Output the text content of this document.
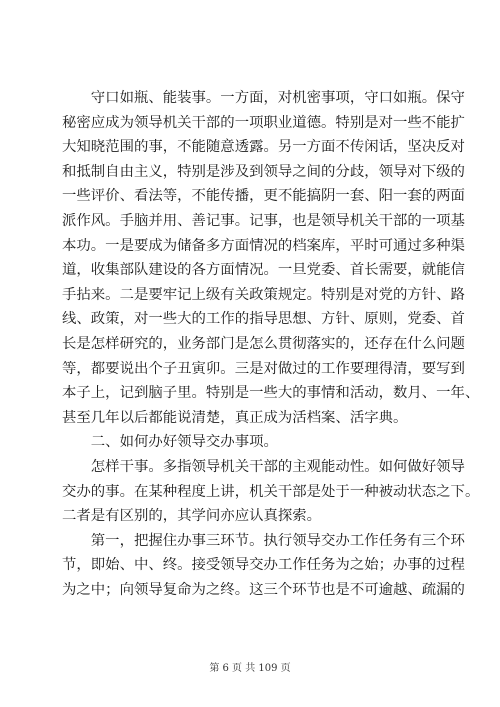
　　守口如瓶、能装事。一方面，对机密事项，守口如瓶。保守
秘密应成为领导机关干部的一项职业道德。特别是对一些不能扩
大知晓范围的事，不能随意透露。另一方面不传闲话，坚决反对
和抵制自由主义，特别是涉及到领导之间的分歧，领导对下级的
一些评价、看法等，不能传播，更不能搞阴一套、阳一套的两面
派作风。手脑并用、善记事。记事，也是领导机关干部的一项基
本功。一是要成为储备多方面情况的档案库，平时可通过多种渠
道，收集部队建设的各方面情况。一旦党委、首长需要，就能信
手拈来。二是要牢记上级有关政策规定。特别是对党的方针、路
线、政策，对一些大的工作的指导思想、方针、原则，党委、首
长是怎样研究的，业务部门是怎么贯彻落实的，还存在什么问题
等，都要说出个子丑寅卯。三是对做过的工作要理得清，要写到
本子上，记到脑子里。特别是一些大的事情和活动，数月、一年、
甚至几年以后都能说清楚，真正成为活档案、活字典。
　　二、如何办好领导交办事项。
　　怎样干事。多指领导机关干部的主观能动性。如何做好领导
交办的事。在某种程度上讲，机关干部是处于一种被动状态之下。
二者是有区别的，其学问亦应认真探索。
　　第一，把握住办事三环节。执行领导交办工作任务有三个环
节，即始、中、终。接受领导交办工作任务为之始；办事的过程
为之中；向领导复命为之终。这三个环节也是不可逾越、疏漏的
第 6 页 共 109 页
